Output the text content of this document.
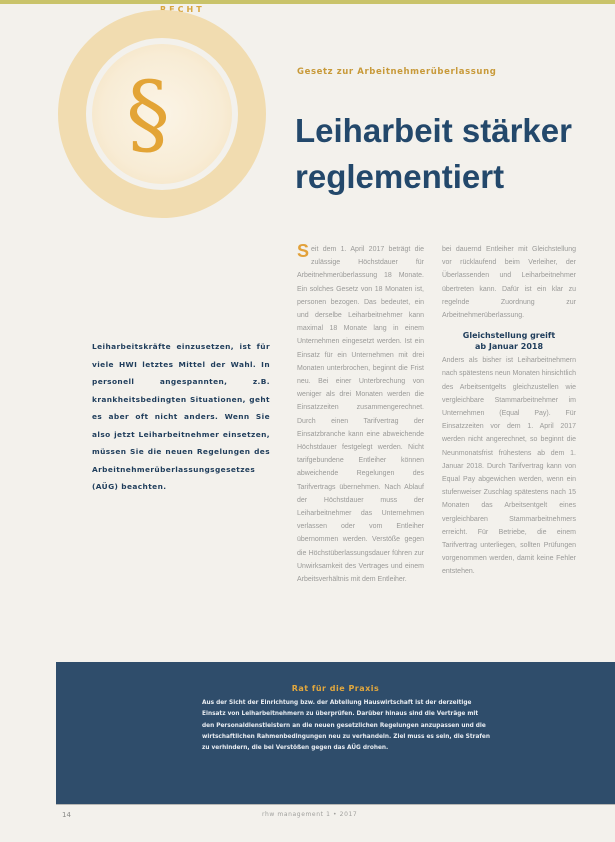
RECHT
§	Gesetz zur Arbeitnehmerüberlassung
Leiharbeit stärker
reglementiert
Leiharbeitskräfte einzusetzen, ist für viele HWI letztes Mittel der Wahl. In personell angespannten, z.B. krankheitsbedingten Situationen, geht es aber oft nicht anders. Wenn Sie also jetzt Leiharbeitnehmer einsetzen, müssen Sie die neuen Regelungen des Arbeitnehmerüberlassungsgesetzes (AÜG) beachten.

Seit dem 1. April 2017 beträgt die zulässige Höchstdauer für Arbeitnehmerüberlassung 18 Monate. Ein solches Gesetz von 18 Monaten ist, personen bezogen. Das bedeutet, ein und derselbe Leiharbeitnehmer kann maximal 18 Monate lang in einem Unternehmen eingesetzt werden. Ist ein Einsatz für ein Unternehmen mit drei Monaten unterbrochen, beginnt die Frist neu. Bei einer Unterbrechung von weniger als drei Monaten werden die Einsatzzeiten zusammengerechnet. Durch einen Tarifvertrag der Einsatzbranche kann eine abweichende Höchstdauer festgelegt werden. Nicht tarifgebundene Entleiher können abweichende Regelungen des Tarifvertrags übernehmen. Nach Ablauf der Höchstdauer muss der Leiharbeitnehmer das Unternehmen verlassen oder vom Entleiher übernommen werden. Verstöße gegen die Höchstüberlassungsdauer führen zur Unwirksamkeit des Vertrages und einem Arbeitsverhältnis mit dem Entleiher.

bei dauernd Entleiher mit Gleichstellung vor rücklaufend beim Verleiher, der Überlassenden und Leiharbeitnehmer übertreten kann. Dafür ist ein klar zu regelnde Zuordnung zur Arbeitnehmerüberlassung.

Gleichstellung greift
ab Januar 2018

Anders als bisher ist Leiharbeitnehmern nach spätestens neun Monaten hinsichtlich des Arbeitsentgelts gleichzustellen wie vergleichbare Stammarbeitnehmer im Unternehmen (Equal Pay). Für Einsatzzeiten vor dem 1. April 2017 werden nicht angerechnet, so beginnt die Neunmonatsfrist frühestens ab dem 1. Januar 2018. Durch Tarifvertrag kann von Equal Pay abgewichen werden, wenn ein stufenweiser Zuschlag spätestens nach 15 Monaten das Arbeitsentgelt eines vergleichbaren Stammarbeitnehmers erreicht. Für Betriebe, die einem Tarifvertrag unterliegen, sollten Prüfungen vorgenommen werden, damit keine Fehler entstehen.

Rat für die Praxis
Aus der Sicht der Einrichtung bzw. der Abteilung Hauswirtschaft ist der derzeitige Einsatz von Leiharbeitnehmern zu überprüfen. Darüber hinaus sind die Verträge mit den Personaldienstleistern an die neuen gesetzlichen Regelungen anzupassen und die wirtschaftlichen Rahmenbedingungen neu zu verhandeln. Ziel muss es sein, die Strafen zu verhindern, die bei Verstößen gegen das AÜG drohen.
14	rhw management 1 • 2017
